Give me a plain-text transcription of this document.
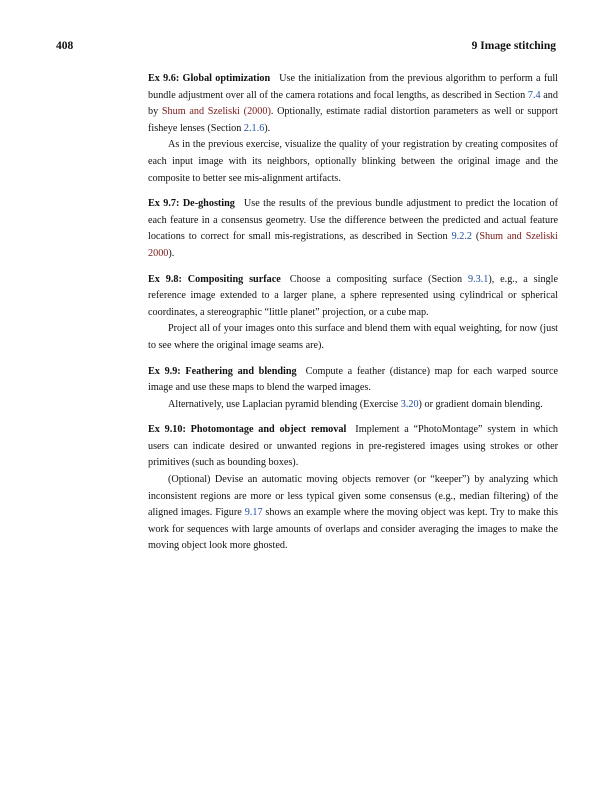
408	9 Image stitching

Ex 9.6: Global optimization Use the initialization from the previous algorithm to perform a full bundle adjustment over all of the camera rotations and focal lengths, as described in Section 7.4 and by Shum and Szeliski (2000). Optionally, estimate radial distortion parameters as well or support fisheye lenses (Section 2.1.6).

As in the previous exercise, visualize the quality of your registration by creating composites of each input image with its neighbors, optionally blinking between the original image and the composite to better see mis-alignment artifacts.

Ex 9.7: De-ghosting Use the results of the previous bundle adjustment to predict the location of each feature in a consensus geometry. Use the difference between the predicted and actual feature locations to correct for small mis-registrations, as described in Section 9.2.2 (Shum and Szeliski 2000).

Ex 9.8: Compositing surface Choose a compositing surface (Section 9.3.1), e.g., a single reference image extended to a larger plane, a sphere represented using cylindrical or spherical coordinates, a stereographic “little planet” projection, or a cube map.

Project all of your images onto this surface and blend them with equal weighting, for now (just to see where the original image seams are).

Ex 9.9: Feathering and blending Compute a feather (distance) map for each warped source image and use these maps to blend the warped images.

Alternatively, use Laplacian pyramid blending (Exercise 3.20) or gradient domain blending.

Ex 9.10: Photomontage and object removal Implement a “PhotoMontage” system in which users can indicate desired or unwanted regions in pre-registered images using strokes or other primitives (such as bounding boxes).

(Optional) Devise an automatic moving objects remover (or “keeper”) by analyzing which inconsistent regions are more or less typical given some consensus (e.g., median filtering) of the aligned images. Figure 9.17 shows an example where the moving object was kept. Try to make this work for sequences with large amounts of overlaps and consider averaging the images to make the moving object look more ghosted.
